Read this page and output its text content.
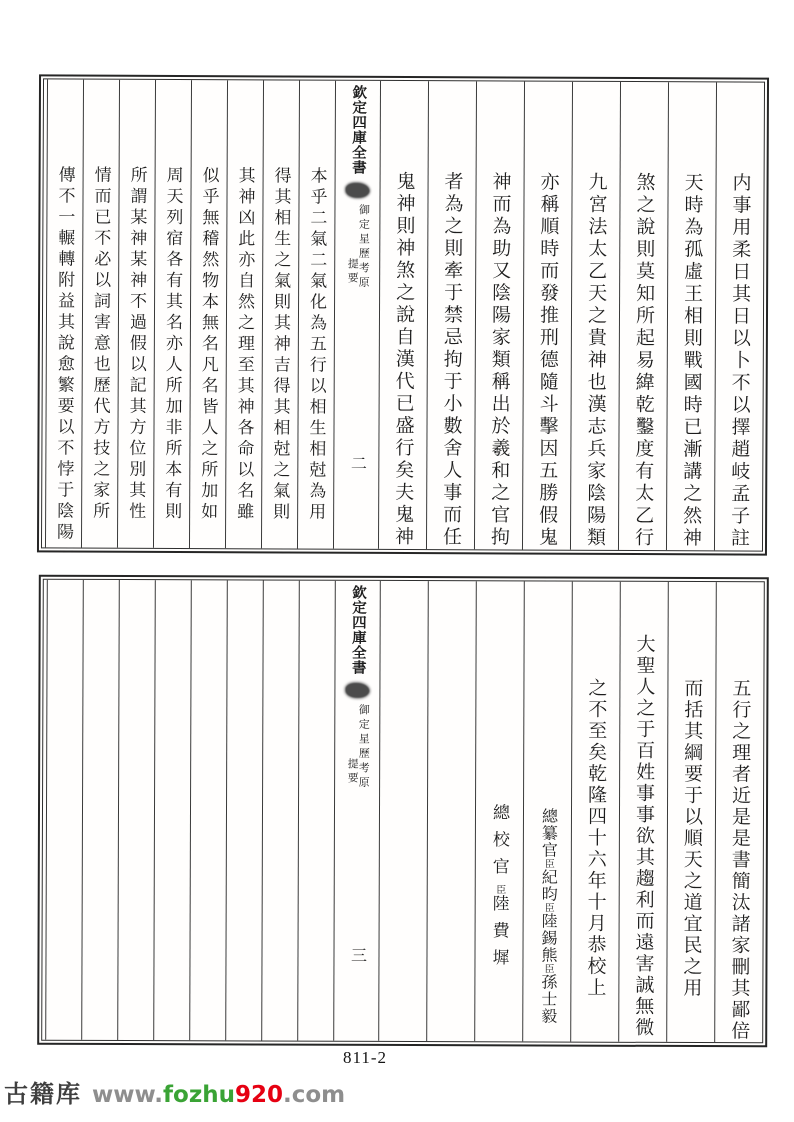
内事用柔日其日以卜不以擇趙岐孟子註
天時為孤虛王相則戰國時已漸講之然神
煞之說則莫知所起易緯乾鑿度有太乙行
九宮法太乙天之貴神也漢志兵家陰陽類
亦稱順時而發推刑德隨斗擊因五勝假鬼
神而為助又陰陽家類稱出於羲和之官拘
者為之則牽于禁忌拘于小數舍人事而任
鬼神則神煞之說自漢代已盛行矣夫鬼神
欽定四庫全書
御定星歷考原
提要
二
本乎二氣二氣化為五行以相生相尅為用
得其相生之氣則其神吉得其相尅之氣則
其神凶此亦自然之理至其神各命以名雖
似乎無稽然物本無名凡名皆人之所加如
周天列宿各有其名亦人所加非所本有則
所謂某神某神不過假以記其方位別其性
情而已不必以詞害意也歷代方技之家所
傳不一輾轉附益其說愈繁要以不悖于陰陽
五行之理者近是是書簡汰諸家刪其鄙倍
而括其綱要于以順天之道宜民之用
大聖人之于百姓事事欲其趨利而遠害誠無微
之不至矣乾隆四十六年十月恭校上
總纂官臣紀昀臣陸錫熊臣孫士毅
總校官臣陸費墀
欽定四庫全書
御定星歷考原
提要
三
811-2
古籍库 www.fozhu920.com
